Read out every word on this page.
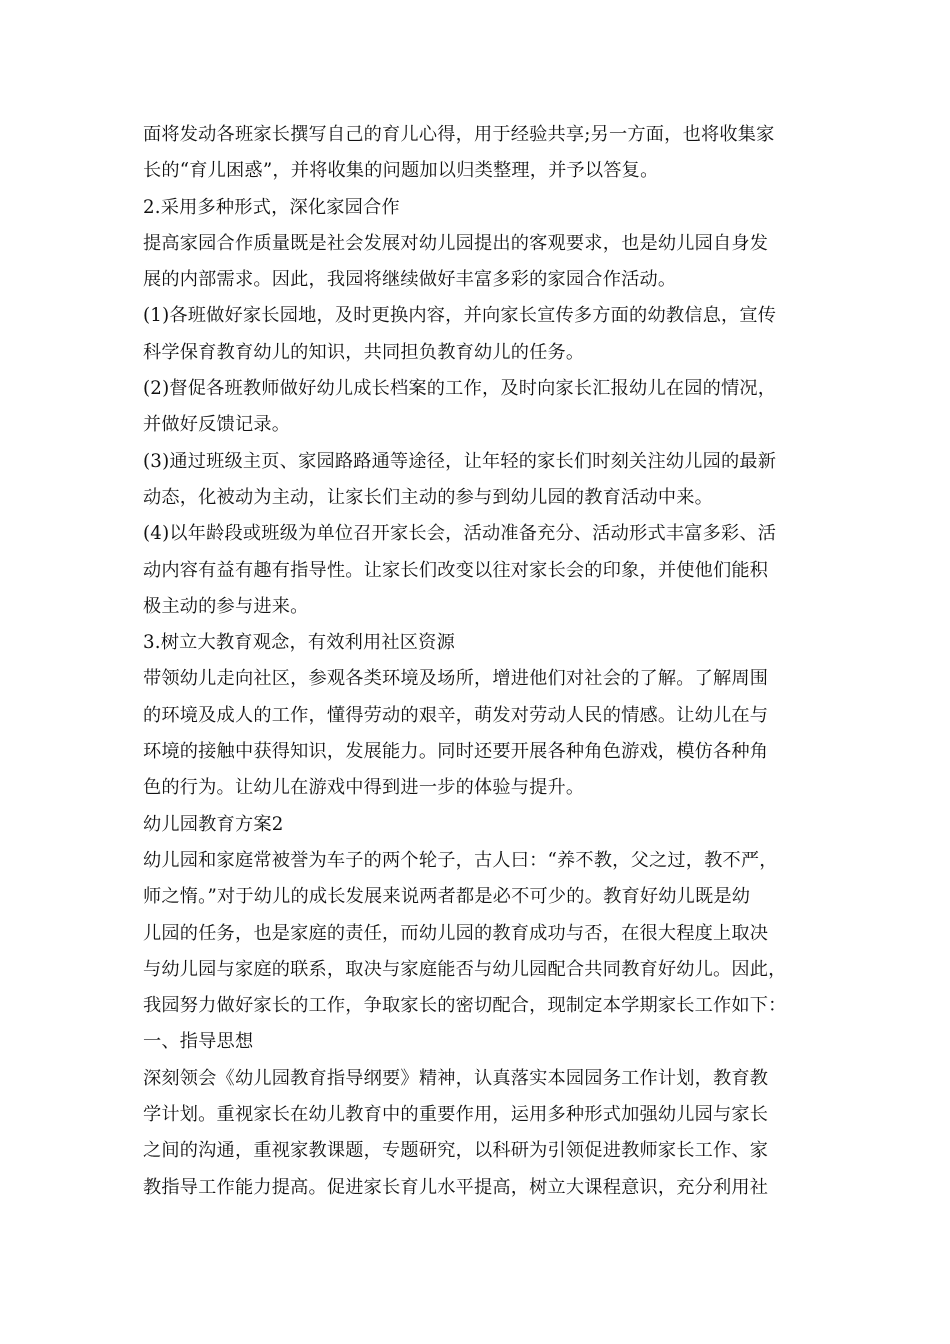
面将发动各班家长撰写自己的育儿心得，用于经验共享;另一方面，也将收集家
长的“育儿困惑”，并将收集的问题加以归类整理，并予以答复。
2.采用多种形式，深化家园合作
提高家园合作质量既是社会发展对幼儿园提出的客观要求，也是幼儿园自身发
展的内部需求。因此，我园将继续做好丰富多彩的家园合作活动。
(1)各班做好家长园地，及时更换内容，并向家长宣传多方面的幼教信息，宣传
科学保育教育幼儿的知识，共同担负教育幼儿的任务。
(2)督促各班教师做好幼儿成长档案的工作，及时向家长汇报幼儿在园的情况，
并做好反馈记录。
(3)通过班级主页、家园路路通等途径，让年轻的家长们时刻关注幼儿园的最新
动态，化被动为主动，让家长们主动的参与到幼儿园的教育活动中来。
(4)以年龄段或班级为单位召开家长会，活动准备充分、活动形式丰富多彩、活
动内容有益有趣有指导性。让家长们改变以往对家长会的印象，并使他们能积
极主动的参与进来。
3.树立大教育观念，有效利用社区资源
带领幼儿走向社区，参观各类环境及场所，增进他们对社会的了解。了解周围
的环境及成人的工作，懂得劳动的艰辛，萌发对劳动人民的情感。让幼儿在与
环境的接触中获得知识，发展能力。同时还要开展各种角色游戏，模仿各种角
色的行为。让幼儿在游戏中得到进一步的体验与提升。
幼儿园教育方案2
幼儿园和家庭常被誉为车子的两个轮子，古人曰：“养不教，父之过，教不严，
师之惰。”对于幼儿的成长发展来说两者都是必不可少的。教育好幼儿既是幼
儿园的任务，也是家庭的责任，而幼儿园的教育成功与否，在很大程度上取决
与幼儿园与家庭的联系，取决与家庭能否与幼儿园配合共同教育好幼儿。因此，
我园努力做好家长的工作，争取家长的密切配合，现制定本学期家长工作如下：
一、指导思想
深刻领会《幼儿园教育指导纲要》精神，认真落实本园园务工作计划，教育教
学计划。重视家长在幼儿教育中的重要作用，运用多种形式加强幼儿园与家长
之间的沟通，重视家教课题，专题研究，以科研为引领促进教师家长工作、家
教指导工作能力提高。促进家长育儿水平提高，树立大课程意识，充分利用社
